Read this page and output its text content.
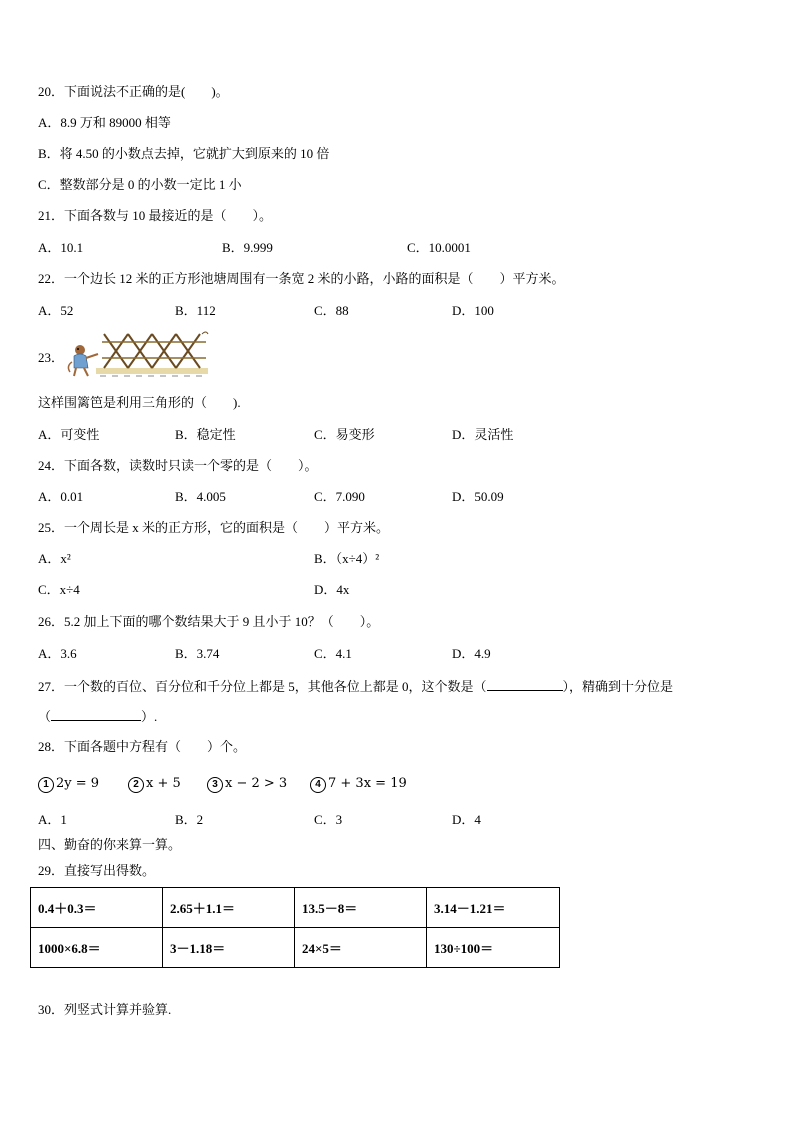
20．下面说法不正确的是(　　)。
A．8.9 万和 89000 相等
B．将 4.50 的小数点去掉，它就扩大到原来的 10 倍
C．整数部分是 0 的小数一定比 1 小
21．下面各数与 10 最接近的是（　　）。
A．10.1	B．9.999	C．10.0001
22．一个边长 12 米的正方形池塘周围有一条宽 2 米的小路，小路的面积是（　　）平方米。
A．52	B．112	C．88	D．100
23．
这样围篱笆是利用三角形的（　　).
A．可变性	B．稳定性	C．易变形	D．灵活性
24．下面各数，读数时只读一个零的是（　　）。
A．0.01	B．4.005	C．7.090	D．50.09
25．一个周长是 x 米的正方形，它的面积是（　　）平方米。
A．x²	B．（x÷4）²
C．x÷4	D．4x
26．5.2 加上下面的哪个数结果大于 9 且小于 10？（　　）。
A．3.6	B．3.74	C．4.1	D．4.9
27．一个数的百位、百分位和千分位上都是 5，其他各位上都是 0，这个数是（	），精确到十分位是
（	）.
28．下面各题中方程有（　　）个。
1 2y = 9	2 x + 5	3 x − 2 > 3	4 7 + 3x = 19
A．1	B．2	C．3	D．4
四、勤奋的你来算一算。
29．直接写出得数。
0.4＋0.3＝	2.65＋1.1＝	13.5－8＝	3.14－1.21＝
1000×6.8＝	3－1.18＝	24×5＝	130÷100＝
30．列竖式计算并验算.
